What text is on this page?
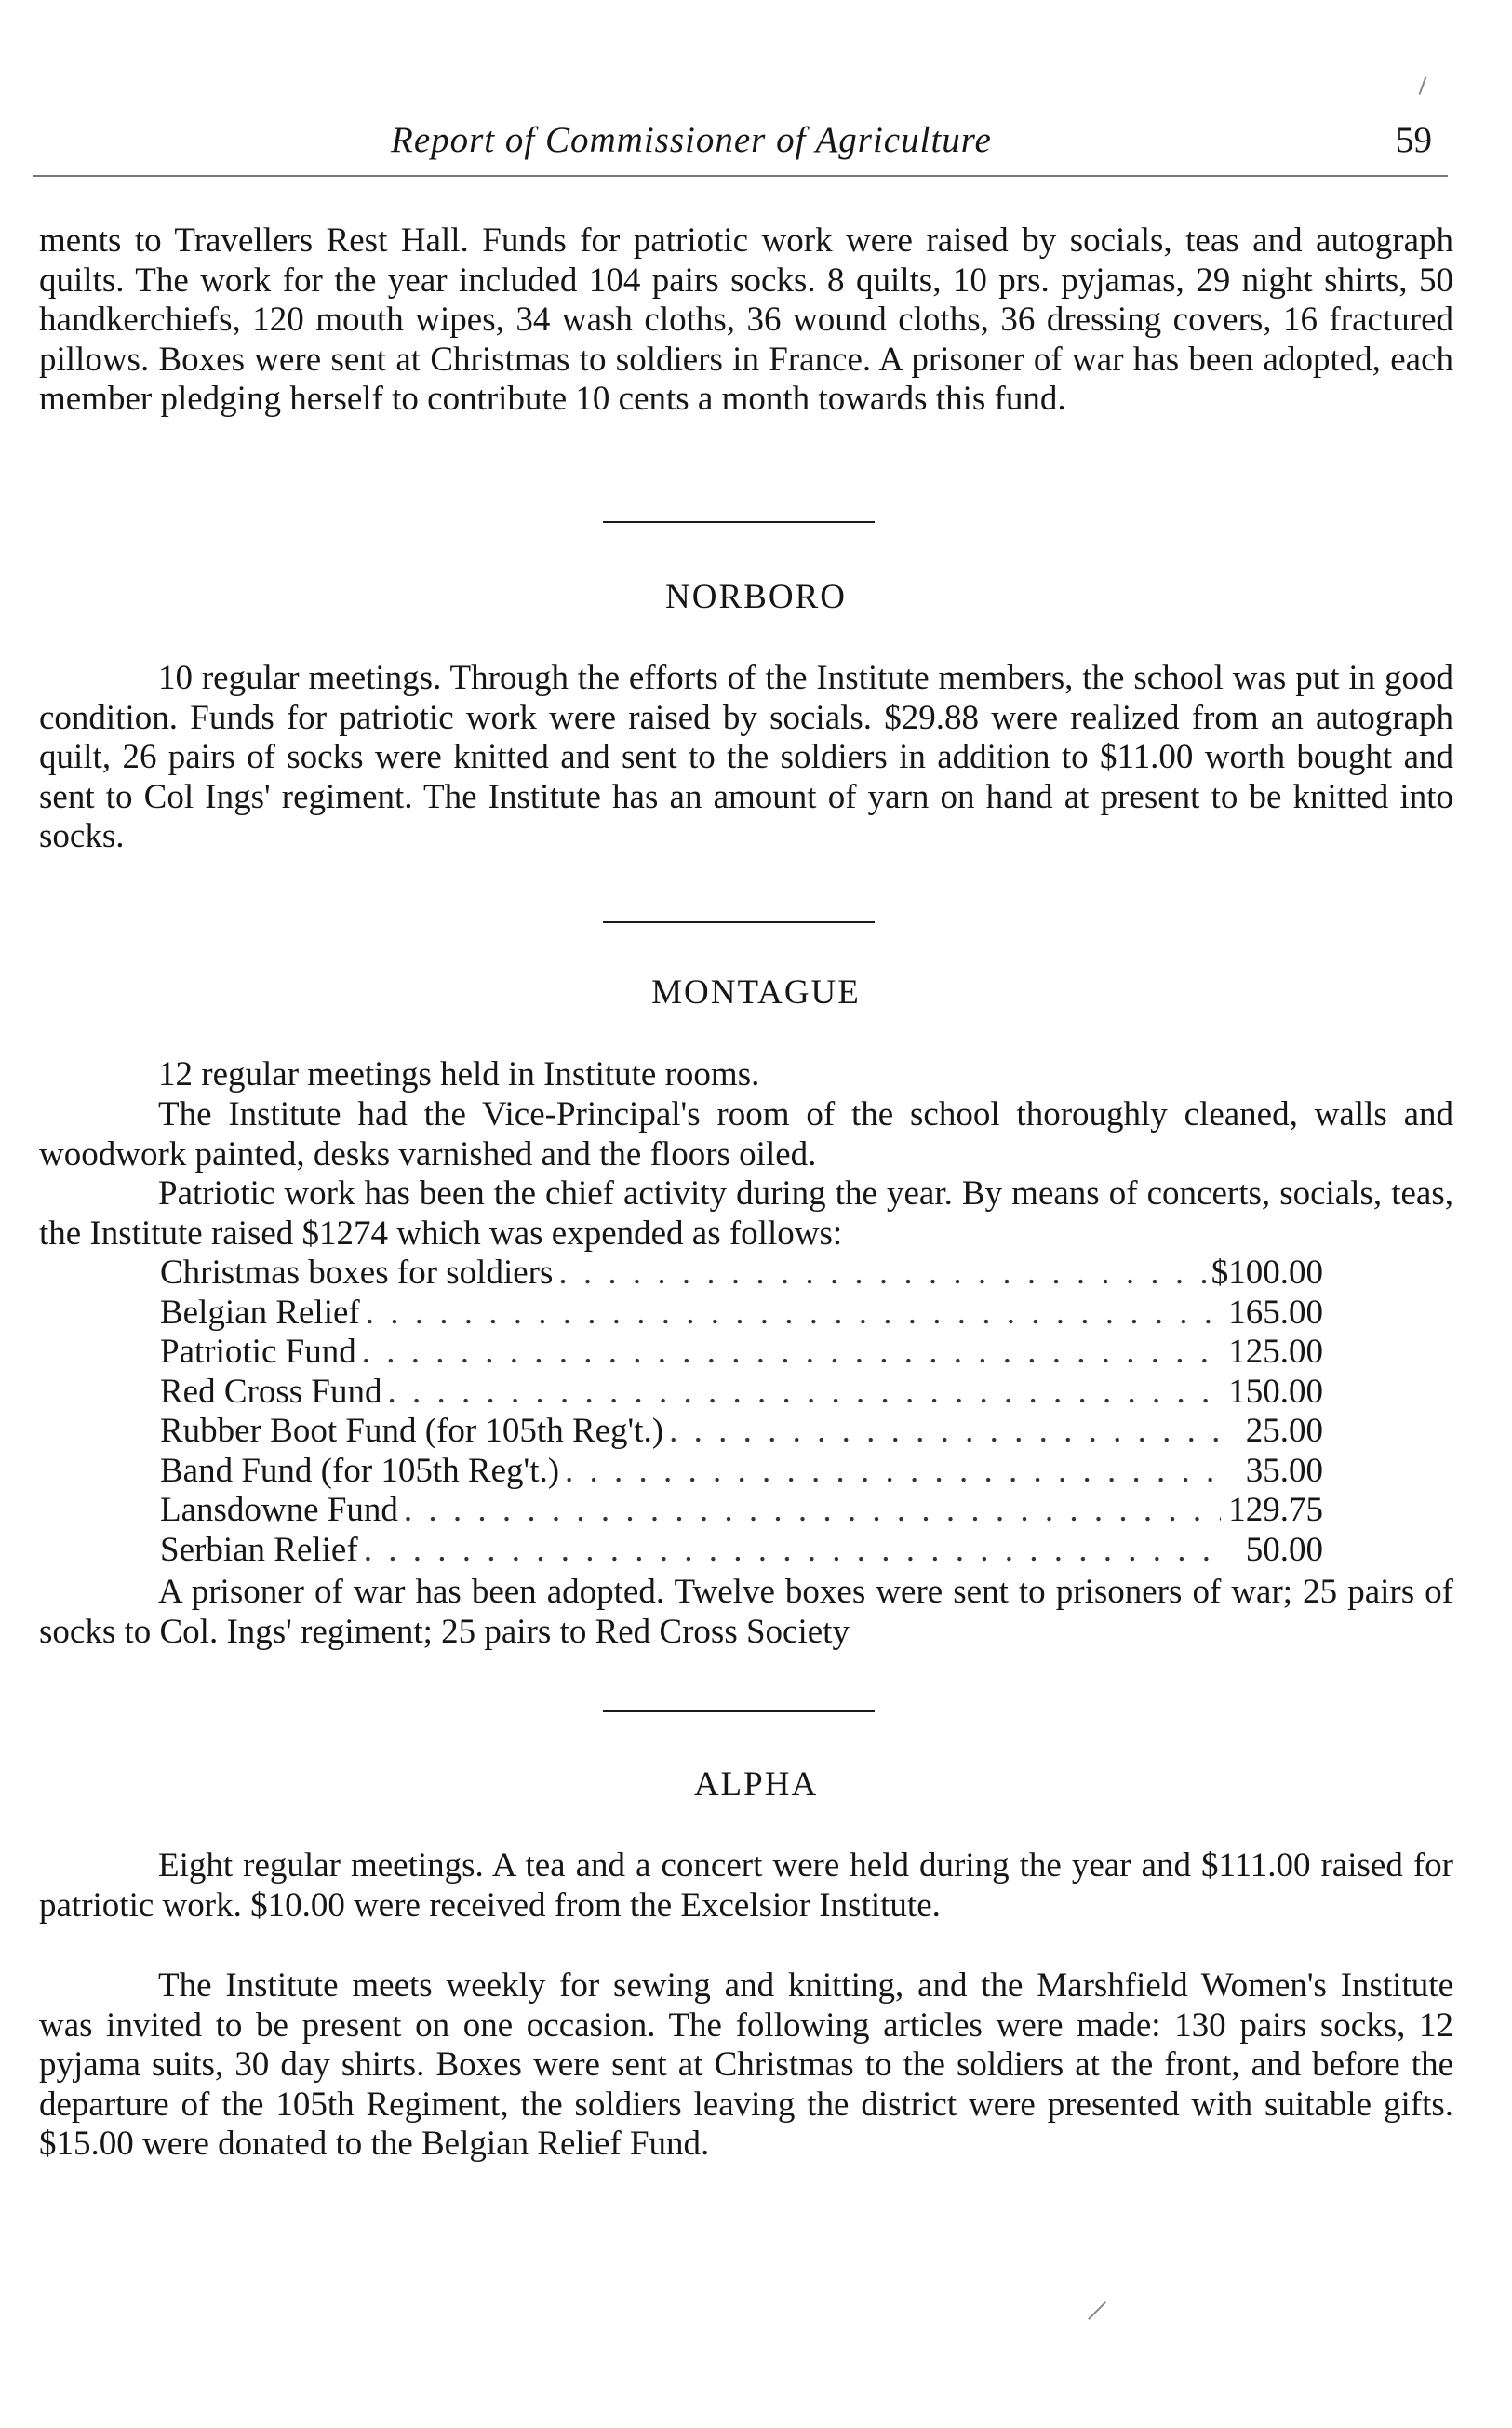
Report of Commissioner of Agriculture	59
ments to Travellers Rest Hall. Funds for patriotic work were raised by socials, teas and autograph quilts. The work for the year included 104 pairs socks. 8 quilts, 10 prs. pyjamas, 29 night shirts, 50 handkerchiefs, 120 mouth wipes, 34 wash cloths, 36 wound cloths, 36 dressing covers, 16 fractured pillows. Boxes were sent at Christmas to soldiers in France. A prisoner of war has been adopted, each member pledging herself to contribute 10 cents a month towards this fund.
NORBORO
10 regular meetings. Through the efforts of the Institute members, the school was put in good condition. Funds for patriotic work were raised by socials. $29.88 were realized from an autograph quilt, 26 pairs of socks were knitted and sent to the soldiers in addition to $11.00 worth bought and sent to Col Ings' regiment. The Institute has an amount of yarn on hand at present to be knitted into socks.
MONTAGUE
12 regular meetings held in Institute rooms.
The Institute had the Vice-Principal's room of the school thoroughly cleaned, walls and woodwork painted, desks varnished and the floors oiled.
Patriotic work has been the chief activity during the year. By means of concerts, socials, teas, the Institute raised $1274 which was expended as follows:
Christmas boxes for soldiers . . .	$100.00
Belgian Relief . . .	165.00
Patriotic Fund . . .	125.00
Red Cross Fund . . .	150.00
Rubber Boot Fund (for 105th Reg't.) . . .	25.00
Band Fund (for 105th Reg't.) . . .	35.00
Lansdowne Fund . . .	129.75
Serbian Relief . . .	50.00
A prisoner of war has been adopted. Twelve boxes were sent to prisoners of war; 25 pairs of socks to Col. Ings' regiment; 25 pairs to Red Cross Society
ALPHA
Eight regular meetings. A tea and a concert were held during the year and $111.00 raised for patriotic work. $10.00 were received from the Excelsior Institute.
The Institute meets weekly for sewing and knitting, and the Marshfield Women's Institute was invited to be present on one occasion. The following articles were made: 130 pairs socks, 12 pyjama suits, 30 day shirts. Boxes were sent at Christmas to the soldiers at the front, and before the departure of the 105th Regiment, the soldiers leaving the district were presented with suitable gifts. $15.00 were donated to the Belgian Relief Fund.
